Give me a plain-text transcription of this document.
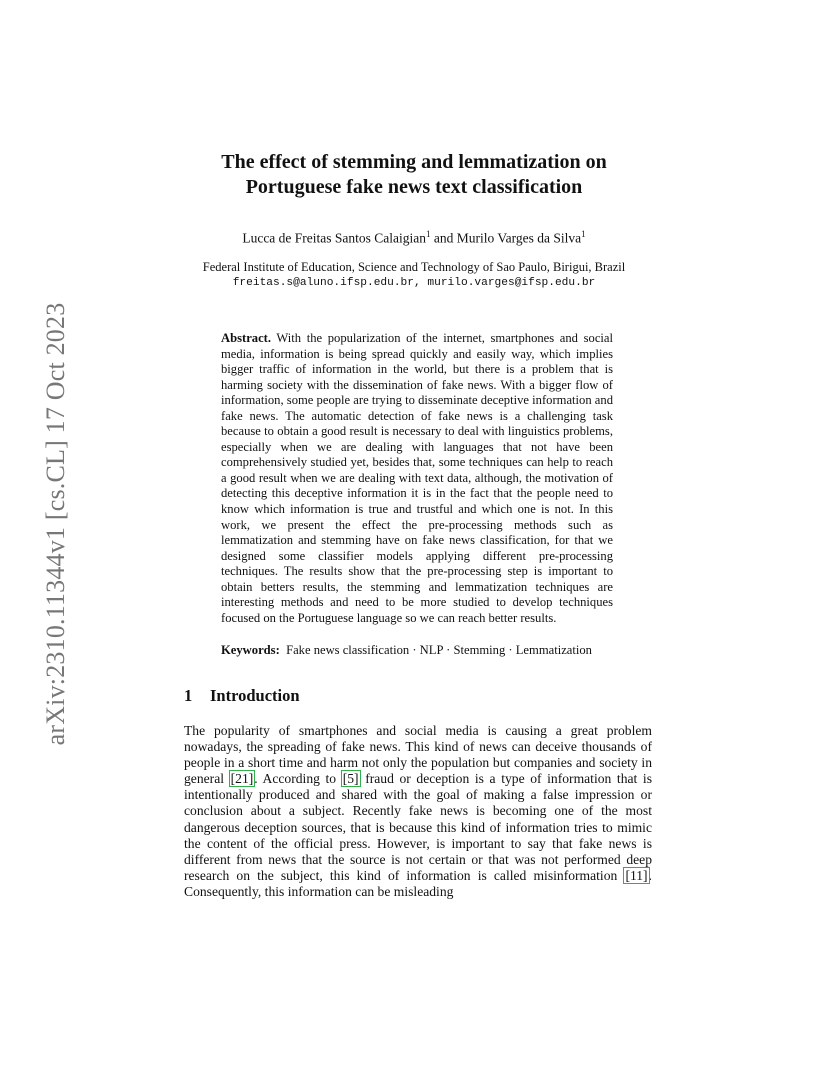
arXiv:2310.11344v1 [cs.CL] 17 Oct 2023
The effect of stemming and lemmatization on
Portuguese fake news text classification
Lucca de Freitas Santos Calaigian$^1$ and Murilo Varges da Silva$^1$
Federal Institute of Education, Science and Technology of Sao Paulo, Birigui, Brazil
freitas.s@aluno.ifsp.edu.br, murilo.varges@ifsp.edu.br

Abstract. With the popularization of the internet, smartphones and social media, information is being spread quickly and easily way, which implies bigger traffic of information in the world, but there is a problem that is harming society with the dissemination of fake news. With a bigger flow of information, some people are trying to disseminate deceptive information and fake news. The automatic detection of fake news is a challenging task because to obtain a good result is necessary to deal with linguistics problems, especially when we are dealing with languages that not have been comprehensively studied yet, besides that, some techniques can help to reach a good result when we are dealing with text data, although, the motivation of detecting this deceptive information it is in the fact that the people need to know which information is true and trustful and which one is not. In this work, we present the effect the pre-processing methods such as lemmatization and stemming have on fake news classification, for that we designed some classifier models applying different pre-processing techniques. The results show that the pre-processing step is important to obtain betters results, the stemming and lemmatization techniques are interesting methods and need to be more studied to develop techniques focused on the Portuguese language so we can reach better results.

Keywords: Fake news classification · NLP · Stemming · Lemmatization
1 Introduction

The popularity of smartphones and social media is causing a great problem nowadays, the spreading of fake news. This kind of news can deceive thousands of people in a short time and harm not only the population but companies and society in general [21]. According to [5] fraud or deception is a type of information that is intentionally produced and shared with the goal of making a false impression or conclusion about a subject. Recently fake news is becoming one of the most dangerous deception sources, that is because this kind of information tries to mimic the content of the official press. However, is important to say that fake news is different from news that the source is not certain or that was not performed deep research on the subject, this kind of information is called misinformation [11]. Consequently, this information can be misleading
